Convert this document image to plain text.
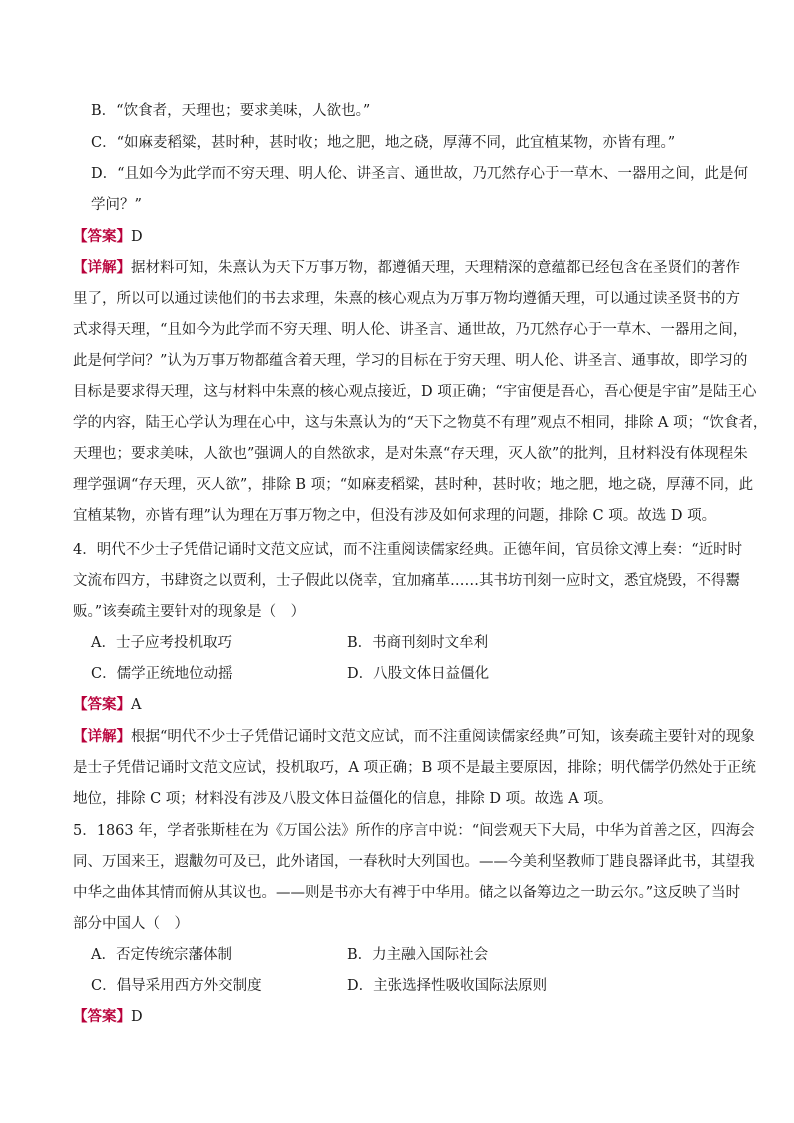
B．“饮食者，天理也；要求美味，人欲也。”
C．“如麻麦稻粱，甚时种，甚时收；地之肥，地之硗，厚薄不同，此宜植某物，亦皆有理。”
D．“且如今为此学而不穷天理、明人伦、讲圣言、通世故，乃兀然存心于一草木、一器用之间，此是何
学问？”
【答案】D
【详解】据材料可知，朱熹认为天下万事万物，都遵循天理，天理精深的意蕴都已经包含在圣贤们的著作
里了，所以可以通过读他们的书去求理，朱熹的核心观点为万事万物均遵循天理，可以通过读圣贤书的方
式求得天理，“且如今为此学而不穷天理、明人伦、讲圣言、通世故，乃兀然存心于一草木、一器用之间，
此是何学问？”认为万事万物都蕴含着天理，学习的目标在于穷天理、明人伦、讲圣言、通事故，即学习的
目标是要求得天理，这与材料中朱熹的核心观点接近，D 项正确；“宇宙便是吾心，吾心便是宇宙”是陆王心
学的内容，陆王心学认为理在心中，这与朱熹认为的“天下之物莫不有理”观点不相同，排除 A 项；“饮食者，
天理也；要求美味，人欲也”强调人的自然欲求，是对朱熹“存天理，灭人欲”的批判，且材料没有体现程朱
理学强调“存天理，灭人欲”，排除 B 项；“如麻麦稻粱，甚时种，甚时收；地之肥，地之硗，厚薄不同，此
宜植某物，亦皆有理”认为理在万事万物之中，但没有涉及如何求理的问题，排除 C 项。故选 D 项。
4．明代不少士子凭借记诵时文范文应试，而不注重阅读儒家经典。正德年间，官员徐文溥上奏：“近时时
文流布四方，书肆资之以贾利，士子假此以侥幸，宜加痛革……其书坊刊刻一应时文，悉宜烧毁，不得鬻
贩。”该奏疏主要针对的现象是（　）
A．士子应考投机取巧	B．书商刊刻时文牟利
C．儒学正统地位动摇	D．八股文体日益僵化
【答案】A
【详解】根据“明代不少士子凭借记诵时文范文应试，而不注重阅读儒家经典”可知，该奏疏主要针对的现象
是士子凭借记诵时文范文应试，投机取巧，A 项正确；B 项不是最主要原因，排除；明代儒学仍然处于正统
地位，排除 C 项；材料没有涉及八股文体日益僵化的信息，排除 D 项。故选 A 项。
5．1863 年，学者张斯桂在为《万国公法》所作的序言中说：“间尝观天下大局，中华为首善之区，四海会
同、万国来王，遐黻勿可及已，此外诸国，一春秋时大列国也。——今美利坚教师丁韪良器译此书，其望我
中华之曲体其情而俯从其议也。——则是书亦大有裨于中华用。储之以备筹边之一助云尔。”这反映了当时
部分中国人（　）
A．否定传统宗藩体制	B．力主融入国际社会
C．倡导采用西方外交制度	D．主张选择性吸收国际法原则
【答案】D
